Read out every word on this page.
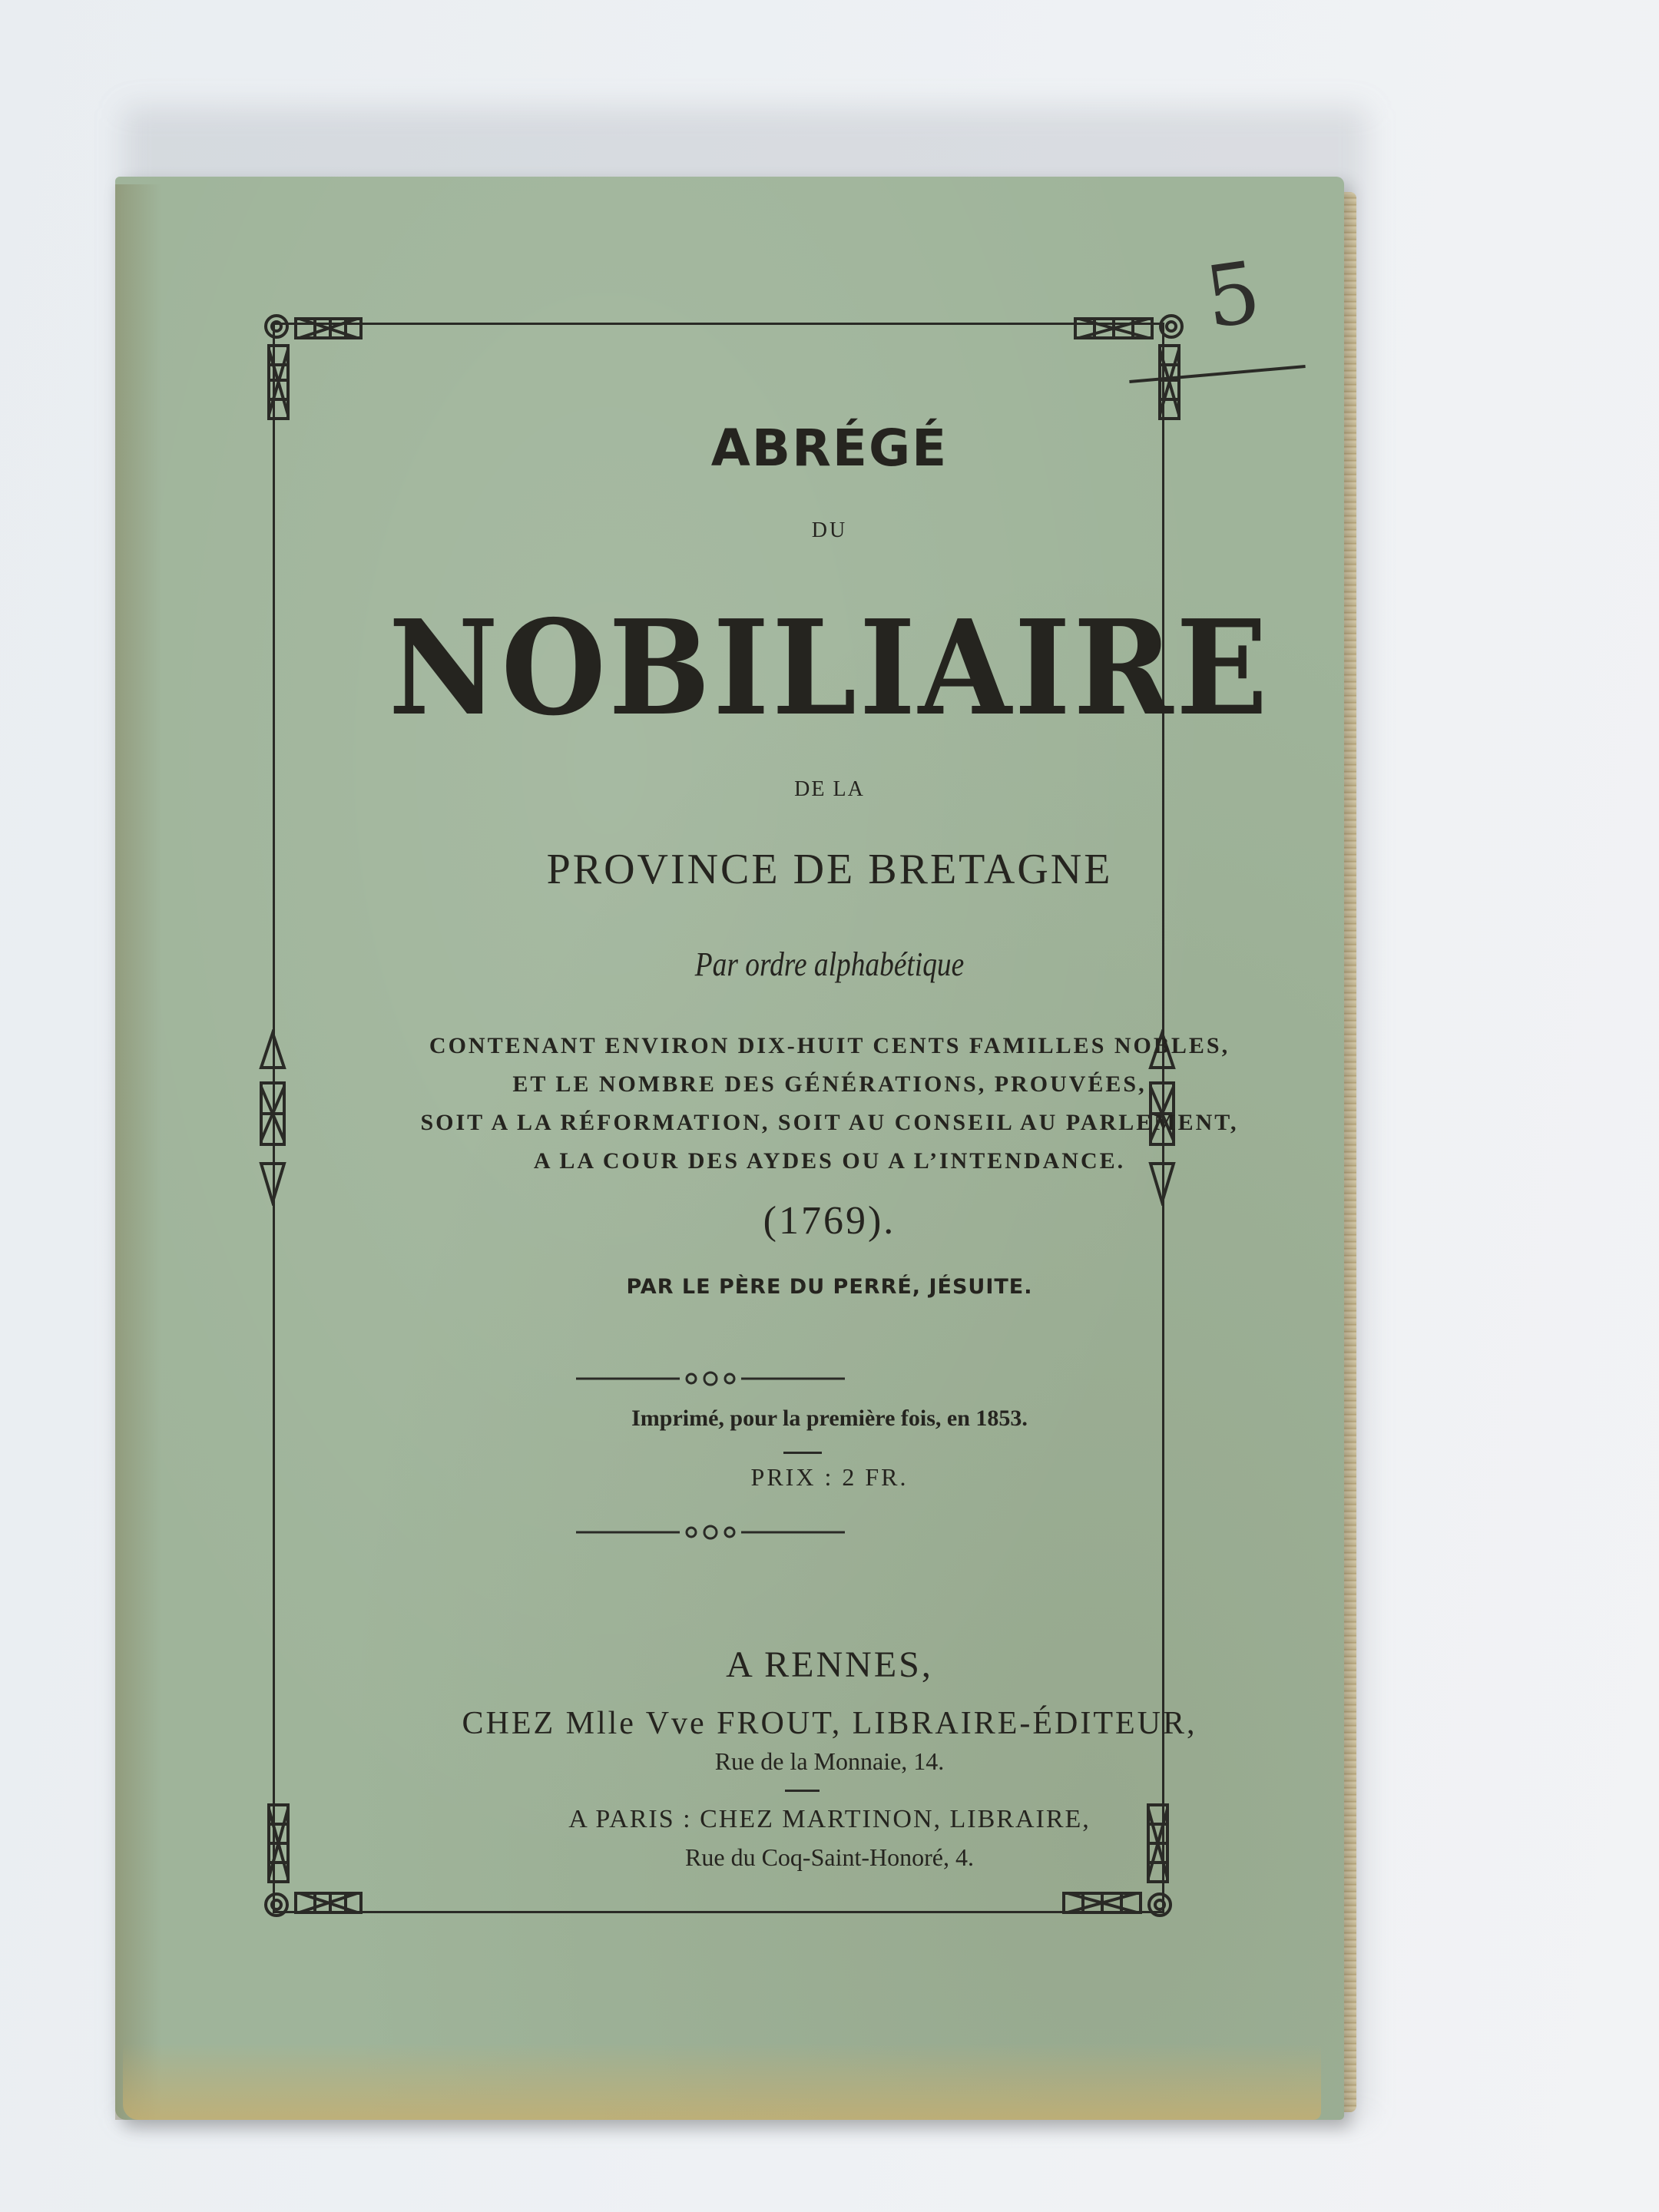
5
ABRÉGÉ
DU
NOBILIAIRE
DE LA
PROVINCE DE BRETAGNE
Par ordre alphabétique
CONTENANT ENVIRON DIX-HUIT CENTS FAMILLES NOBLES,
ET LE NOMBRE DES GÉNÉRATIONS, PROUVÉES,
SOIT A LA RÉFORMATION, SOIT AU CONSEIL AU PARLEMENT,
A LA COUR DES AYDES OU A L’INTENDANCE.
(1769).
PAR LE PÈRE DU PERRÉ, JÉSUITE.
Imprimé, pour la première fois, en 1853.
PRIX : 2 FR.
A RENNES,
CHEZ Mlle Vve FROUT, LIBRAIRE-ÉDITEUR,
Rue de la Monnaie, 14.
A PARIS : CHEZ MARTINON, LIBRAIRE,
Rue du Coq-Saint-Honoré, 4.
